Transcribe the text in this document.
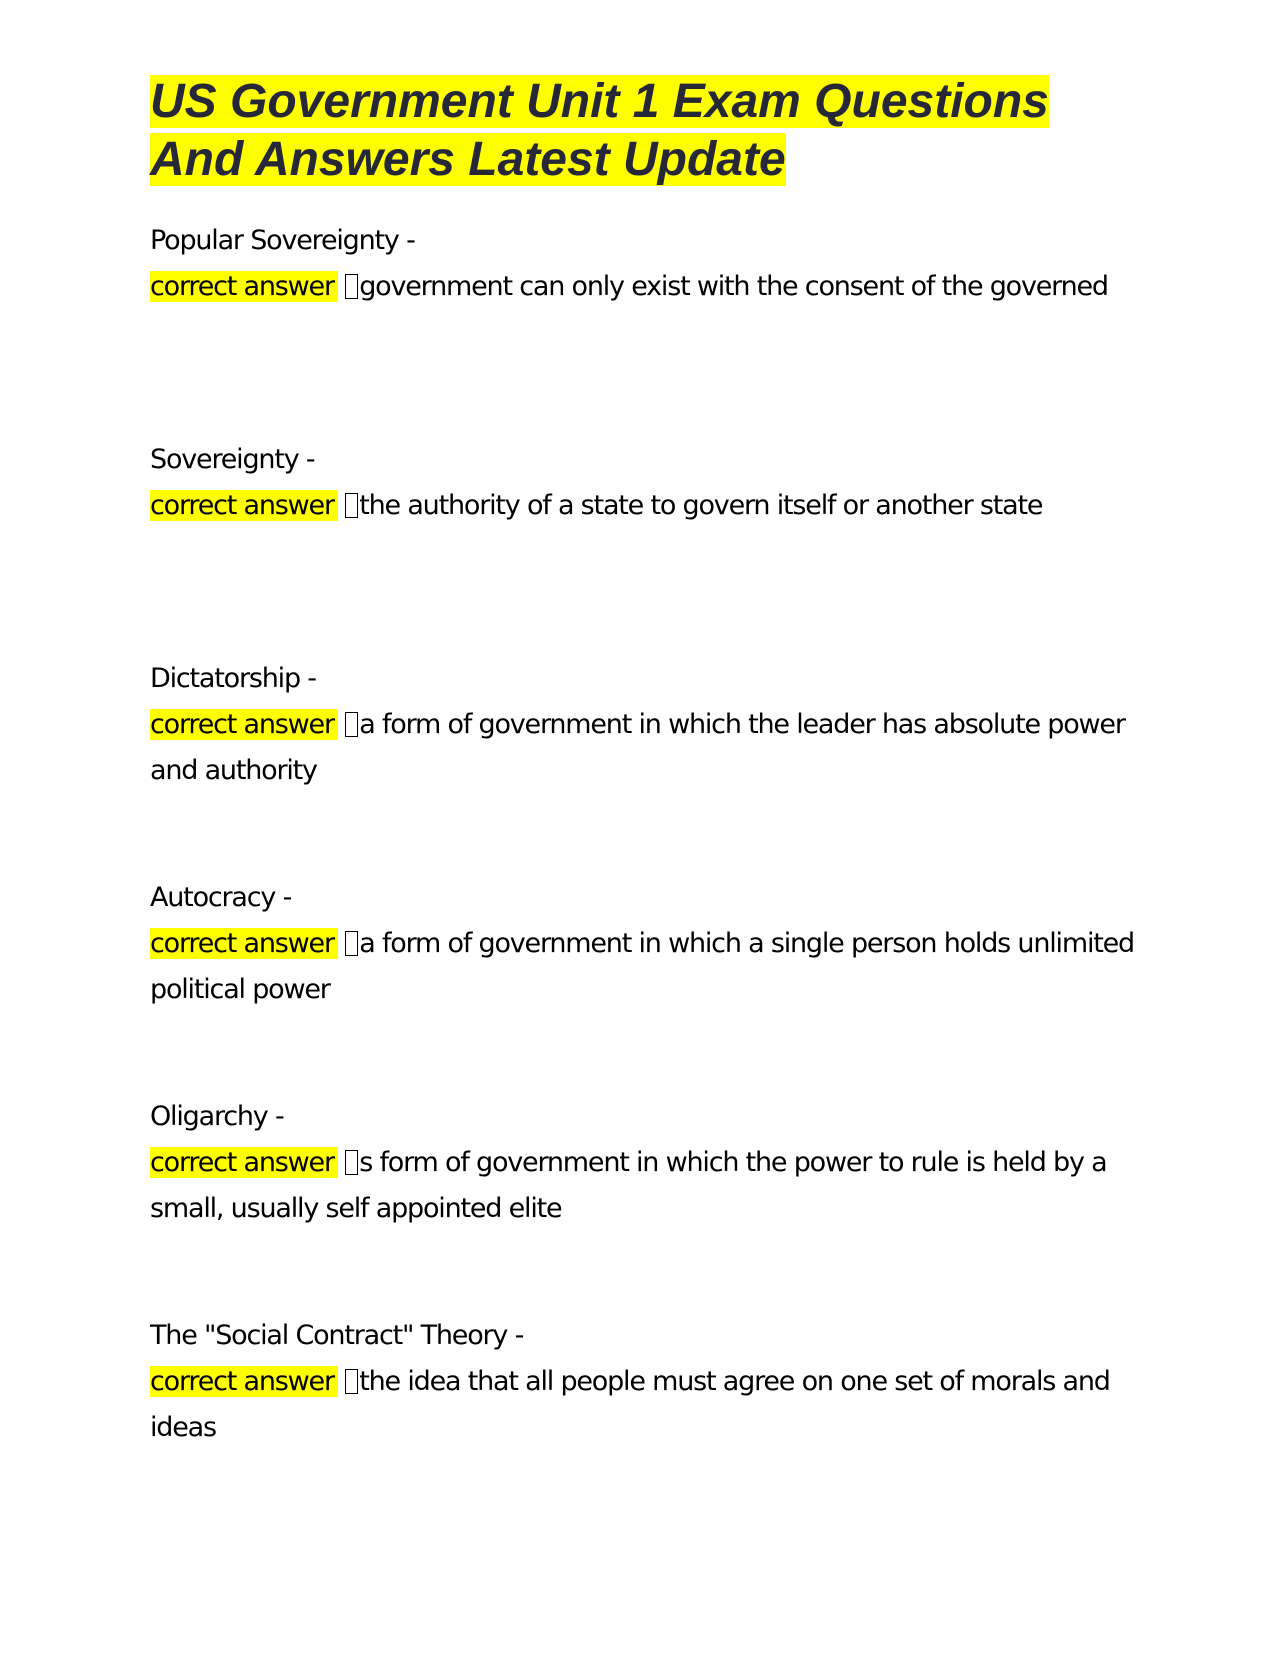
US Government Unit 1 Exam Questions
And Answers Latest Update
Popular Sovereignty -
correct answer government can only exist with the consent of the governed
Sovereignty -
correct answer the authority of a state to govern itself or another state
Dictatorship -
correct answer a form of government in which the leader has absolute power and authority
Autocracy -
correct answer a form of government in which a single person holds unlimited political power
Oligarchy -
correct answer s form of government in which the power to rule is held by a small, usually self appointed elite
The "Social Contract" Theory -
correct answer the idea that all people must agree on one set of morals and ideas
